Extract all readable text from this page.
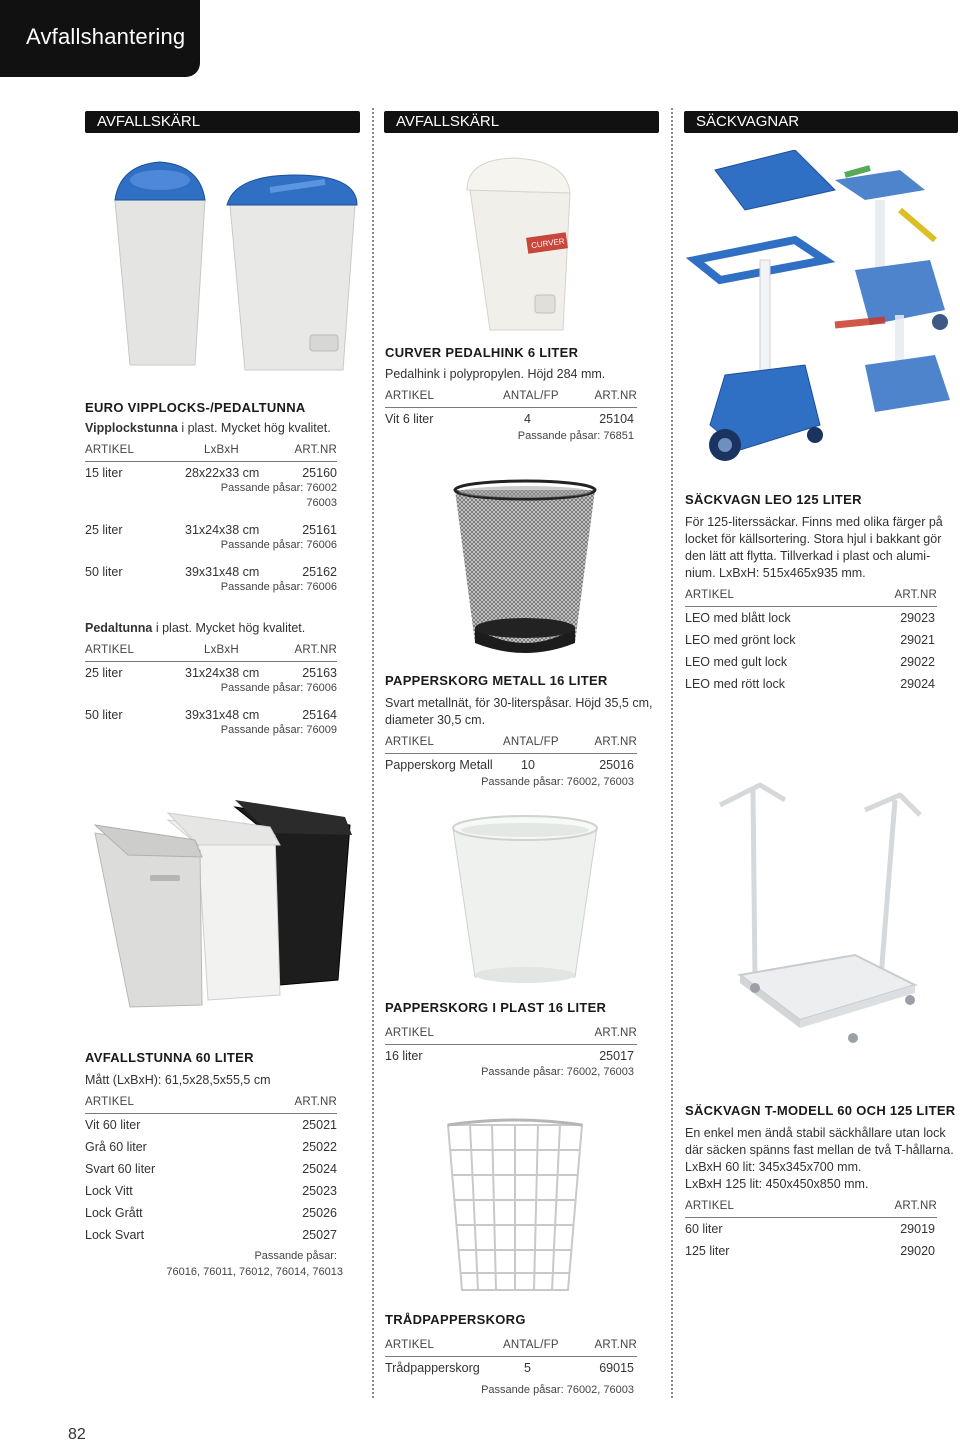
Avfallshantering
AVFALLSKÄRL	AVFALLSKÄRL	SÄCKVAGNAR
EURO VIPPLOCKS-/PEDALTUNNA
Vipplockstunna i plast. Mycket hög kvalitet.
ARTIKEL	LxBxH	ART.NR
15 liter	28x22x33 cm	25160
Passande påsar: 76002
76003
25 liter	31x24x38 cm	25161
Passande påsar: 76006
50 liter	39x31x48 cm	25162
Passande påsar: 76006
Pedaltunna i plast. Mycket hög kvalitet.
ARTIKEL	LxBxH	ART.NR
25 liter	31x24x38 cm	25163
Passande påsar: 76006
50 liter	39x31x48 cm	25164
Passande påsar: 76009
AVFALLSTUNNA 60 LITER
Mått (LxBxH): 61,5x28,5x55,5 cm
ARTIKEL	ART.NR
Vit 60 liter	25021
Grå 60 liter	25022
Svart 60 liter	25024
Lock Vitt	25023
Lock Grått	25026
Lock Svart	25027
Passande påsar:
76016, 76011, 76012, 76014, 76013
CURVER
CURVER PEDALHINK 6 LITER
Pedalhink i polypropylen. Höjd 284 mm.
ARTIKEL	ANTAL/FP	ART.NR
Vit 6 liter	4	25104
Passande påsar: 76851
PAPPERSKORG METALL 16 LITER
Svart metallnät, för 30-literspåsar. Höjd 35,5 cm,
diameter 30,5 cm.
ARTIKEL	ANTAL/FP	ART.NR
Papperskorg Metall 10	25016
Passande påsar: 76002, 76003
PAPPERSKORG I PLAST 16 LITER
ARTIKEL	ART.NR
16 liter	25017
Passande påsar: 76002, 76003
TRÅDPAPPERSKORG
ARTIKEL	ANTAL/FP	ART.NR
Trådpapperskorg	5	69015
Passande påsar: 76002, 76003
SÄCKVAGN LEO 125 LITER
För 125-literssäckar. Finns med olika färger på
locket för källsortering. Stora hjul i bakkant gör
den lätt att flytta. Tillverkad i plast och alumi-
nium. LxBxH: 515x465x935 mm.
ARTIKEL	ART.NR
LEO med blått lock	29023
LEO med grönt lock	29021
LEO med gult lock	29022
LEO med rött lock	29024
SÄCKVAGN T-MODELL 60 OCH 125 LITER
En enkel men ändå stabil säckhållare utan lock
där säcken spänns fast mellan de två T-hållarna.
LxBxH 60 lit: 345x345x700 mm.
LxBxH 125 lit: 450x450x850 mm.
ARTIKEL	ART.NR
60 liter	29019
125 liter	29020
82
